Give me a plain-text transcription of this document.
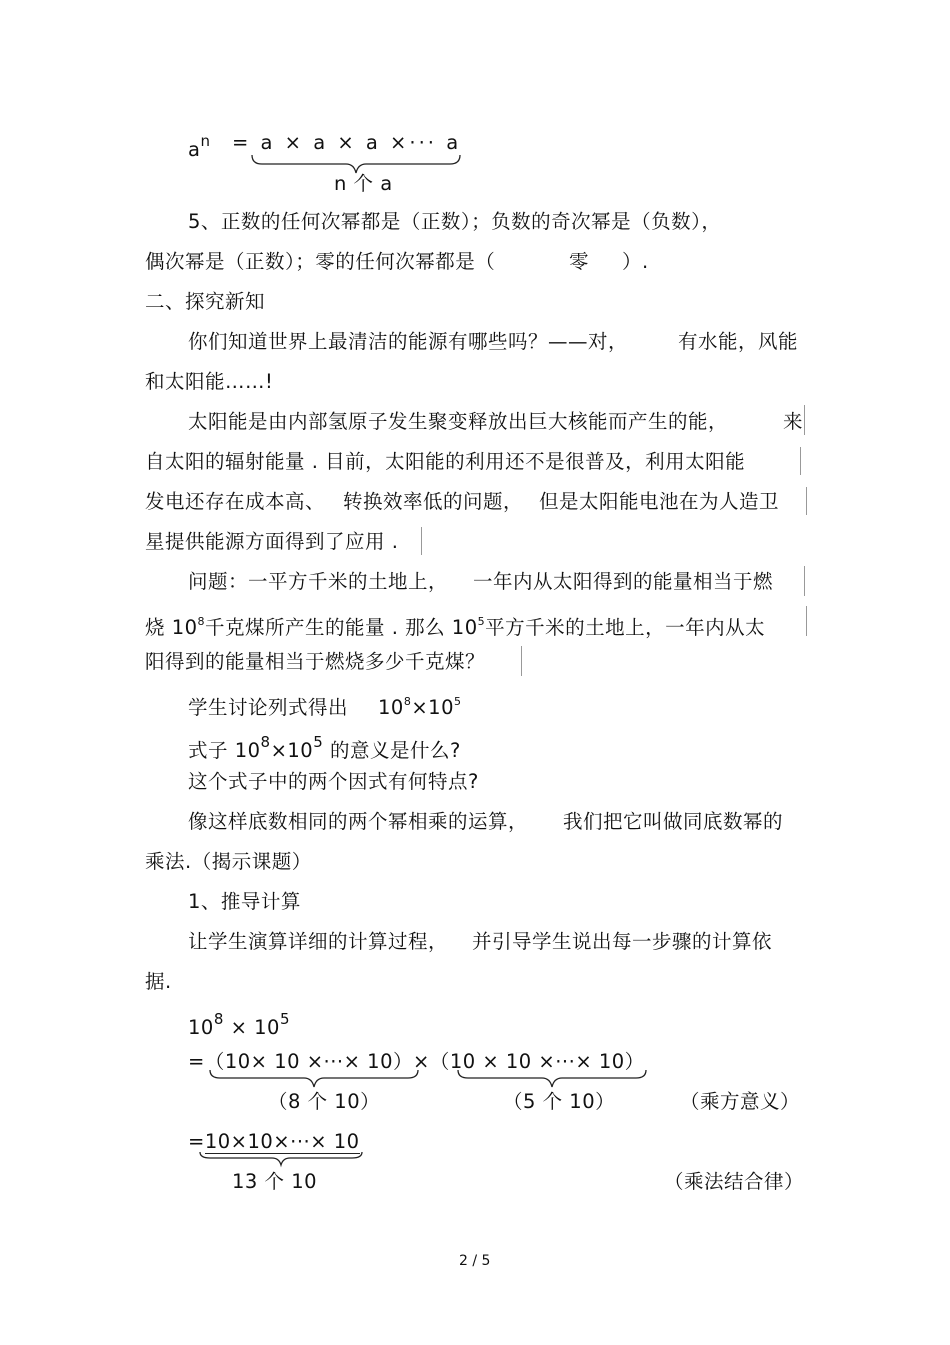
$a^n = a \times a \times a$ ×··· a
n 个 a
5、正数的任何次幂都是（正数）；负数的奇次幂是（负数），
偶次幂是（正数）；零的任何次幂都是（	零 ）.
二、探究新知
你们知道世界上最清洁的能源有哪些吗？——对，	有水能，风能
和太阳能……!
太阳能是由内部氢原子发生聚变释放出巨大核能而产生的能，	来
自太阳的辐射能量 . 目前，太阳能的利用还不是很普及，利用太阳能
发电还存在成本高、 转换效率低的问题， 但是太阳能电池在为人造卫
星提供能源方面得到了应用 .
问题：一平方千米的土地上， 一年内从太阳得到的能量相当于燃
烧 $10^8$千克煤所产生的能量 . 那么 $10^5$平方千米的土地上，一年内从太
阳得到的能量相当于燃烧多少千克煤？
学生讨论列式得出 $10^8\times 10^5$
式子 $10^8\times 10^5$ 的意义是什么?
这个式子中的两个因式有何特点?
像这样底数相同的两个幂相乘的运算， 我们把它叫做同底数幂的
乘法.（揭示课题）
1、推导计算
让学生演算详细的计算过程， 并引导学生说出每一步骤的计算依
据.
$10^8 \times 10^5$
=（10× 10 ×···× 10）×（10 × 10 ×···× 10）
（8 个 10）	（5 个 10）	（乘方意义）
=10×10×···× 10
13 个 10	（乘法结合律）
2 / 5
